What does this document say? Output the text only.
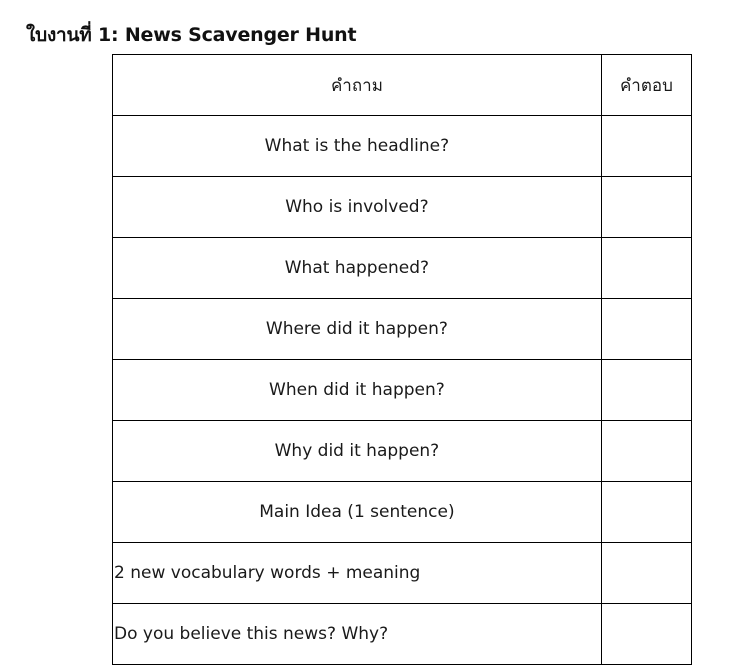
ใบงานที่ 1: News Scavenger Hunt
คำถาม	คำตอบ
What is the headline?	
Who is involved?	
What happened?	
Where did it happen?	
When did it happen?	
Why did it happen?	
Main Idea (1 sentence)	
2 new vocabulary words + meaning	
Do you believe this news? Why?	
